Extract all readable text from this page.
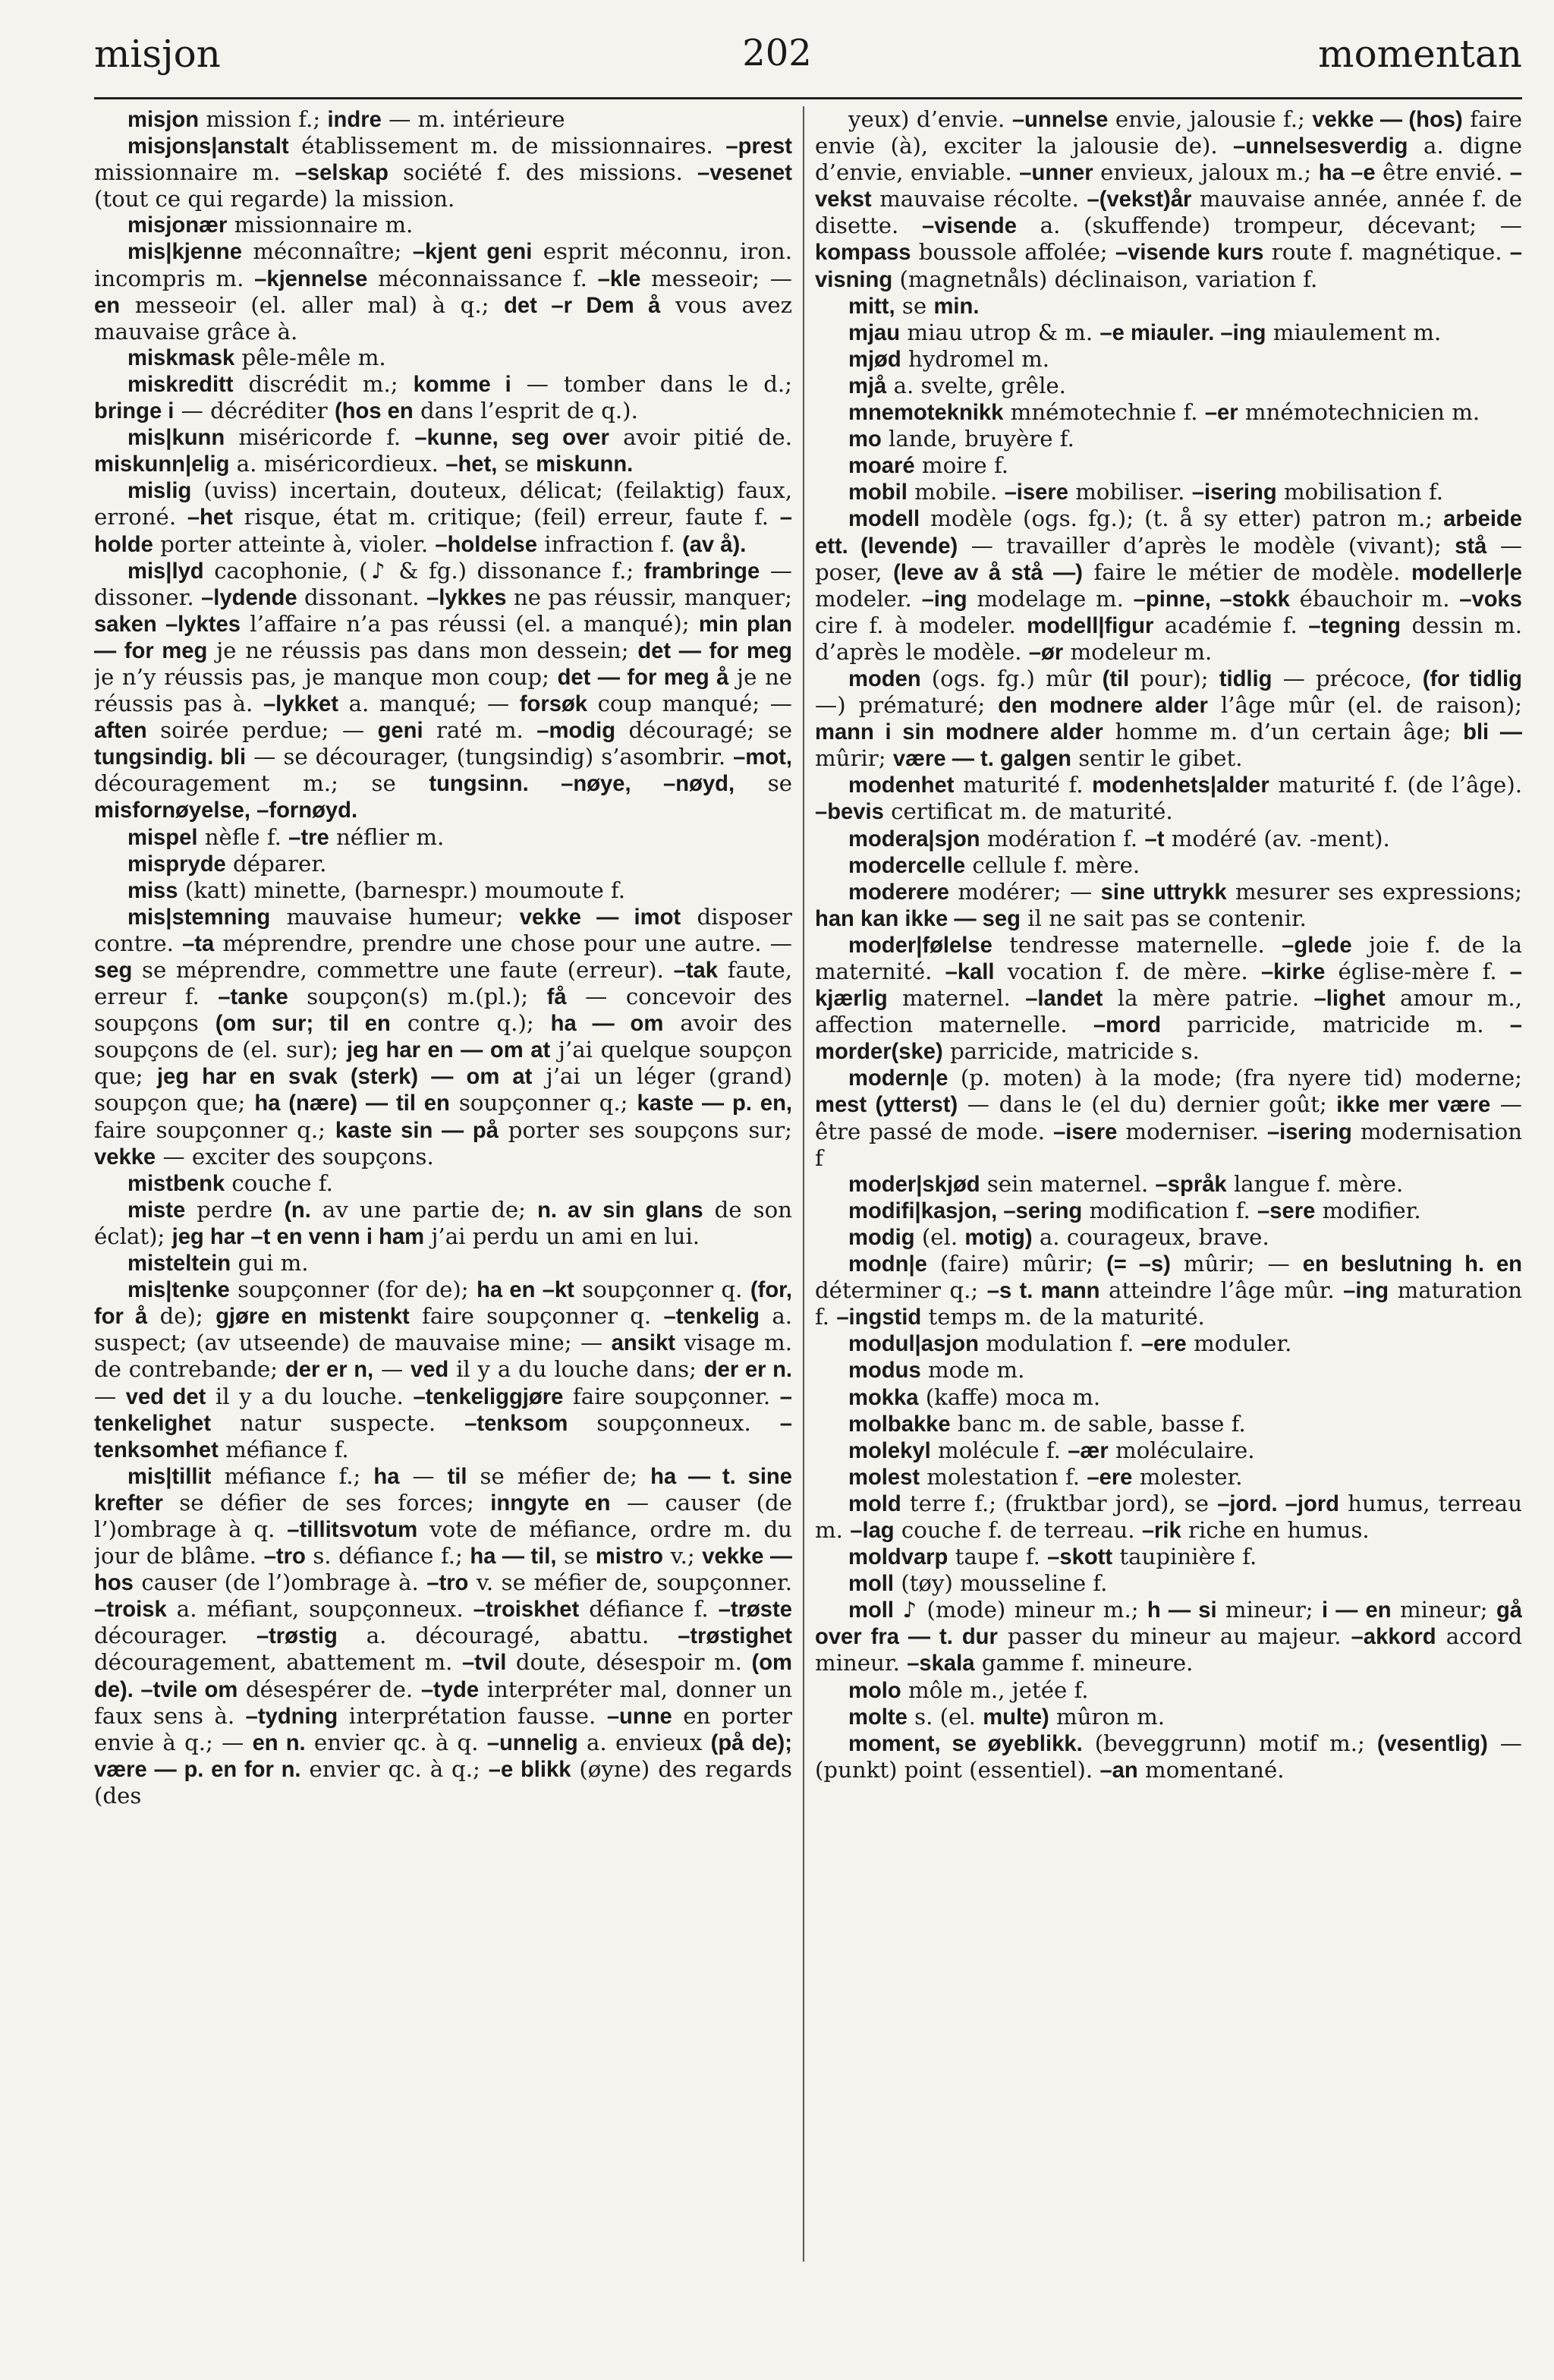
misjon	202	momentan

misjon mission f.; indre — m. intérieure

misjons|anstalt établissement m. de missionnaires. –prest missionnaire m. –selskap société f. des missions. –vesenet (tout ce qui regarde) la mission.

misjonær missionnaire m.

mis|kjenne méconnaître; –kjent geni esprit méconnu, iron. incompris m. –kjennelse méconnaissance f. –kle messeoir; — en messeoir (el. aller mal) à q.; det –r Dem å vous avez mauvaise grâce à.

miskmask pêle-mêle m.

miskreditt discrédit m.; komme i — tomber dans le d.; bringe i — décréditer (hos en dans l’esprit de q.).

mis|kunn miséricorde f. –kunne, seg over avoir pitié de. miskunn|elig a. miséricordieux. –het, se miskunn.

mislig (uviss) incertain, douteux, délicat; (feilaktig) faux, erroné. –het risque, état m. critique; (feil) erreur, faute f. –holde porter atteinte à, violer. –holdelse infraction f. (av å).

mis|lyd cacophonie, (♪ & fg.) dissonance f.; frambringe — dissoner. –lydende dissonant. –lykkes ne pas réussir, manquer; saken –lyktes l’affaire n’a pas réussi (el. a manqué); min plan — for meg je ne réussis pas dans mon dessein; det — for meg je n’y réussis pas, je manque mon coup; det — for meg å je ne réussis pas à. –lykket a. manqué; — forsøk coup manqué; — aften soirée perdue; — geni raté m. –modig découragé; se tungsindig. bli — se décourager, (tungsindig) s’asombrir. –mot, découragement m.; se tungsinn. –nøye, –nøyd, se misfornøyelse, –fornøyd.

mispel nèfle f. –tre néflier m.

mispryde déparer.

miss (katt) minette, (barnespr.) moumoute f.

mis|stemning mauvaise humeur; vekke — imot disposer contre. –ta méprendre, prendre une chose pour une autre. — seg se méprendre, commettre une faute (erreur). –tak faute, erreur f. –tanke soupçon(s) m.(pl.); få — concevoir des soupçons (om sur; til en contre q.); ha — om avoir des soupçons de (el. sur); jeg har en — om at j’ai quelque soupçon que; jeg har en svak (sterk) — om at j’ai un léger (grand) soupçon que; ha (nære) — til en soupçonner q.; kaste — p. en, faire soupçonner q.; kaste sin — på porter ses soupçons sur; vekke — exciter des soupçons.

mistbenk couche f.

miste perdre (n. av une partie de; n. av sin glans de son éclat); jeg har –t en venn i ham j’ai perdu un ami en lui.

misteltein gui m.

mis|tenke soupçonner (for de); ha en –kt soupçonner q. (for, for å de); gjøre en mistenkt faire soupçonner q. –tenkelig a. suspect; (av utseende) de mauvaise mine; — ansikt visage m. de contrebande; der er n, — ved il y a du louche dans; der er n. — ved det il y a du louche. –tenkeliggjøre faire soupçonner. –tenkelighet natur suspecte. –tenksom soupçonneux. –tenksomhet méfiance f.

mis|tillit méfiance f.; ha — til se méfier de; ha — t. sine krefter se défier de ses forces; inngyte en — causer (de l’)ombrage à q. –tillitsvotum vote de méfiance, ordre m. du jour de blâme. –tro s. défiance f.; ha — til, se mistro v.; vekke — hos causer (de l’)ombrage à. –tro v. se méfier de, soupçonner. –troisk a. méfiant, soupçonneux. –troiskhet défiance f. –trøste décourager. –trøstig a. découragé, abattu. –trøstighet découragement, abattement m. –tvil doute, désespoir m. (om de). –tvile om désespérer de. –tyde interpréter mal, donner un faux sens à. –tydning interprétation fausse. –unne en porter envie à q.; — en n. envier qc. à q. –unnelig a. envieux (på de); være — p. en for n. envier qc. à q.; –e blikk (øyne) des regards (des

yeux) d’envie. –unnelse envie, jalousie f.; vekke — (hos) faire envie (à), exciter la jalousie de). –unnelsesverdig a. digne d’envie, enviable. –unner envieux, jaloux m.; ha –e être envié. –vekst mauvaise récolte. –(vekst)år mauvaise année, année f. de disette. –visende a. (skuffende) trompeur, décevant; — kompass boussole affolée; –visende kurs route f. magnétique. –visning (magnetnåls) déclinaison, variation f.

mitt, se min.

mjau miau utrop & m. –e miauler. –ing miaulement m.

mjød hydromel m.

mjå a. svelte, grêle.

mnemoteknikk mnémotechnie f. –er mnémotechnicien m.

mo lande, bruyère f.

moaré moire f.

mobil mobile. –isere mobiliser. –isering mobilisation f.

modell modèle (ogs. fg.); (t. å sy etter) patron m.; arbeide ett. (levende) — travailler d’après le modèle (vivant); stå — poser, (leve av å stå —) faire le métier de modèle. modeller|e modeler. –ing modelage m. –pinne, –stokk ébauchoir m. –voks cire f. à modeler. modell|figur académie f. –tegning dessin m. d’après le modèle. –ør modeleur m.

moden (ogs. fg.) mûr (til pour); tidlig — précoce, (for tidlig —) prématuré; den modnere alder l’âge mûr (el. de raison); mann i sin modnere alder homme m. d’un certain âge; bli — mûrir; være — t. galgen sentir le gibet.

modenhet maturité f. modenhets|alder maturité f. (de l’âge). –bevis certificat m. de maturité.

modera|sjon modération f. –t modéré (av. -ment).

modercelle cellule f. mère.

moderere modérer; — sine uttrykk mesurer ses expressions; han kan ikke — seg il ne sait pas se contenir.

moder|følelse tendresse maternelle. –glede joie f. de la maternité. –kall vocation f. de mère. –kirke église-mère f. –kjærlig maternel. –landet la mère patrie. –lighet amour m., affection maternelle. –mord parricide, matricide m. –morder(ske) parricide, matricide s.

modern|e (p. moten) à la mode; (fra nyere tid) moderne; mest (ytterst) — dans le (el du) dernier goût; ikke mer være — être passé de mode. –isere moderniser. –isering modernisation f

moder|skjød sein maternel. –språk langue f. mère.

modifi|kasjon, –sering modification f. –sere modifier.

modig (el. motig) a. courageux, brave.

modn|e (faire) mûrir; (= –s) mûrir; — en beslutning h. en déterminer q.; –s t. mann atteindre l’âge mûr. –ing maturation f. –ingstid temps m. de la maturité.

modul|asjon modulation f. –ere moduler.

modus mode m.

mokka (kaffe) moca m.

molbakke banc m. de sable, basse f.

molekyl molécule f. –ær moléculaire.

molest molestation f. –ere molester.

mold terre f.; (fruktbar jord), se –jord. –jord humus, terreau m. –lag couche f. de terreau. –rik riche en humus.

moldvarp taupe f. –skott taupinière f.

moll (tøy) mousseline f.

moll ♪ (mode) mineur m.; h — si mineur; i — en mineur; gå over fra — t. dur passer du mineur au majeur. –akkord accord mineur. –skala gamme f. mineure.

molo môle m., jetée f.

molte s. (el. multe) mûron m.

moment, se øyeblikk. (beveggrunn) motif m.; (vesentlig) — (punkt) point (essentiel). –an momentané.
